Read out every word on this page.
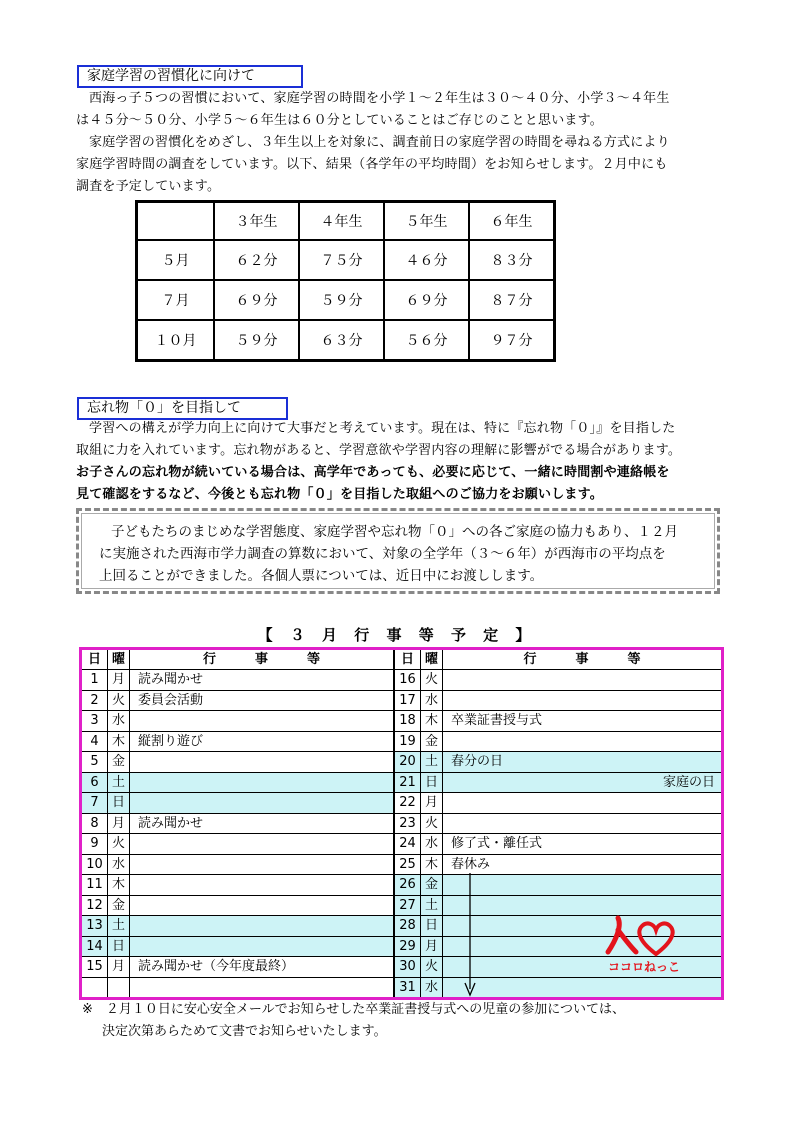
家庭学習の習慣化に向けて

西海っ子５つの習慣において、家庭学習の時間を小学１～２年生は３０～４０分、小学３～４年生

は４５分～５０分、小学５～６年生は６０分としていることはご存じのことと思います。

家庭学習の習慣化をめざし、３年生以上を対象に、調査前日の家庭学習の時間を尋ねる方式により

家庭学習時間の調査をしています。以下、結果（各学年の平均時間）をお知らせします。２月中にも

調査を予定しています。

	３年生	４年生	５年生	６年生
５月	６２分	７５分	４６分	８３分
７月	６９分	５９分	６９分	８７分
１０月	５９分	６３分	５６分	９７分
忘れ物「０」を目指して

学習への構えが学力向上に向けて大事だと考えています。現在は、特に『忘れ物「０」』を目指した

取組に力を入れています。忘れ物があると、学習意欲や学習内容の理解に影響がでる場合があります。

お子さんの忘れ物が続いている場合は、高学年であっても、必要に応じて、一緒に時間割や連絡帳を

見て確認をするなど、今後とも忘れ物「０」を目指した取組へのご協力をお願いします。

子どもたちのまじめな学習態度、家庭学習や忘れ物「０」への各ご家庭の協力もあり、１２月

に実施された西海市学力調査の算数において、対象の全学年（３～６年）が西海市の平均点を

上回ることができました。各個人票については、近日中にお渡しします。

【 ３ 月 行 事 等 予 定 】
日	曜	行　　　事　　　等	日	曜	行　　　事　　　等
1	月	読み聞かせ	16	火	
2	火	委員会活動	17	水	
3	水		18	木	卒業証書授与式
4	木	縦割り遊び	19	金	
5	金		20	土	春分の日
6	土		21	日	家庭の日
7	日		22	月	
8	月	読み聞かせ	23	火	
9	火		24	水	修了式・離任式
10	水		25	木	春休み
11	木		26	金	
12	金		27	土	
13	土		28	日	
14	日		29	月	
15	月	読み聞かせ（今年度最終）	30	火	
			31	水	
ココロねっこ

※　２月１０日に安心安全メールでお知らせした卒業証書授与式への児童の参加については、

決定次第あらためて文書でお知らせいたします。
